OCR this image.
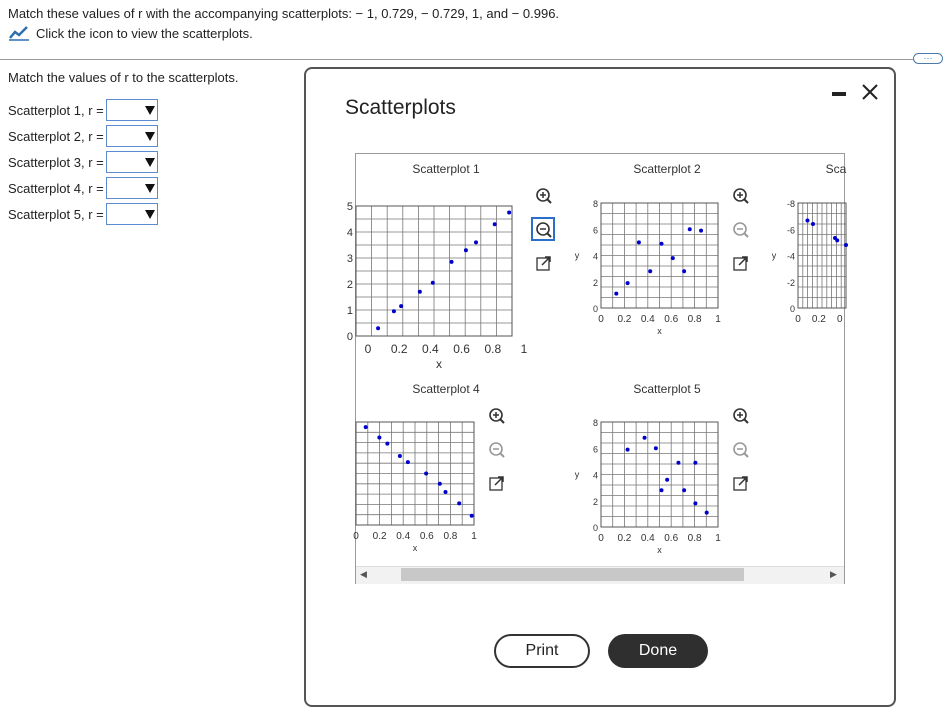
Match these values of r with the accompanying scatterplots: − 1, 0.729, − 0.729, 1, and − 0.996.
Click the icon to view the scatterplots.
···
Match the values of r to the scatterplots.
Scatterplot 1, r =
Scatterplot 2, r =
Scatterplot 3, r =
Scatterplot 4, r =
Scatterplot 5, r =
Scatterplots
Scatterplot 1
0 0.2 0.4 0.6 0.8 1
0
1
2
3
4
5
x
Scatterplot 2
0 0.2 0.4 0.6 0.8 1
0
2
4
6
8
x
y
Sca
0 0.2 0
0
-2
-4
-6
-8
y
Scatterplot 4
0 0.2 0.4 0.6 0.8 1
x
Scatterplot 5
0 0.2 0.4 0.6 0.8 1
0
2
4
6
8
x
y
◀	▶
Print	Done
